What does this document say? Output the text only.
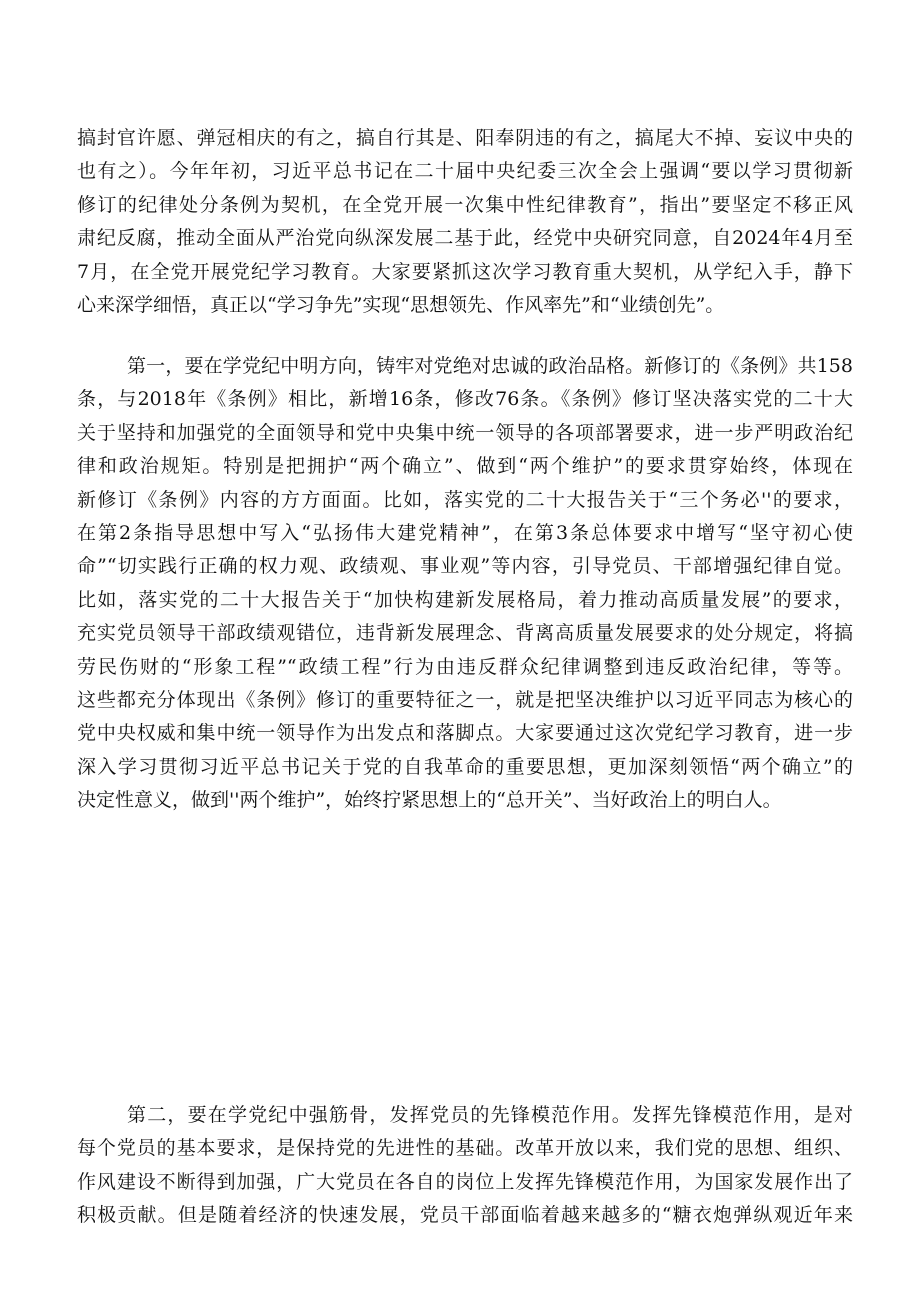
搞封官许愿、弹冠相庆的有之，搞自行其是、阳奉阴违的有之，搞尾大不掉、妄议中央的
也有之）。今年年初，习近平总书记在二十届中央纪委三次全会上强调“要以学习贯彻新
修订的纪律处分条例为契机，在全党开展一次集中性纪律教育”，指出”要坚定不移正风
肃纪反腐，推动全面从严治党向纵深发展二基于此，经党中央研究同意，自2024年4月至
7月，在全党开展党纪学习教育。大家要紧抓这次学习教育重大契机，从学纪入手，静下
心来深学细悟，真正以“学习争先”实现“思想领先、作风率先”和“业绩创先”。
第一，要在学党纪中明方向，铸牢对党绝对忠诚的政治品格。新修订的《条例》共158
条，与2018年《条例》相比，新增16条，修改76条。《条例》修订坚决落实党的二十大
关于坚持和加强党的全面领导和党中央集中统一领导的各项部署要求，进一步严明政治纪
律和政治规矩。特别是把拥护“两个确立”、做到“两个维护”的要求贯穿始终，体现在
新修订《条例》内容的方方面面。比如，落实党的二十大报告关于“三个务必''的要求，
在第2条指导思想中写入“弘扬伟大建党精神”，在第3条总体要求中增写“坚守初心使
命”“切实践行正确的权力观、政绩观、事业观”等内容，引导党员、干部增强纪律自觉。
比如，落实党的二十大报告关于“加快构建新发展格局，着力推动高质量发展”的要求，
充实党员领导干部政绩观错位，违背新发展理念、背离高质量发展要求的处分规定，将搞
劳民伤财的“形象工程”“政绩工程”行为由违反群众纪律调整到违反政治纪律，等等。
这些都充分体现出《条例》修订的重要特征之一，就是把坚决维护以习近平同志为核心的
党中央权威和集中统一领导作为出发点和落脚点。大家要通过这次党纪学习教育，进一步
深入学习贯彻习近平总书记关于党的自我革命的重要思想，更加深刻领悟“两个确立”的
决定性意义，做到''两个维护”，始终拧紧思想上的“总开关”、当好政治上的明白人。
第二，要在学党纪中强筋骨，发挥党员的先锋模范作用。发挥先锋模范作用，是对
每个党员的基本要求，是保持党的先进性的基础。改革开放以来，我们党的思想、组织、
作风建设不断得到加强，广大党员在各自的岗位上发挥先锋模范作用，为国家发展作出了
积极贡献。但是随着经济的快速发展，党员干部面临着越来越多的“糖衣炮弹纵观近年来
